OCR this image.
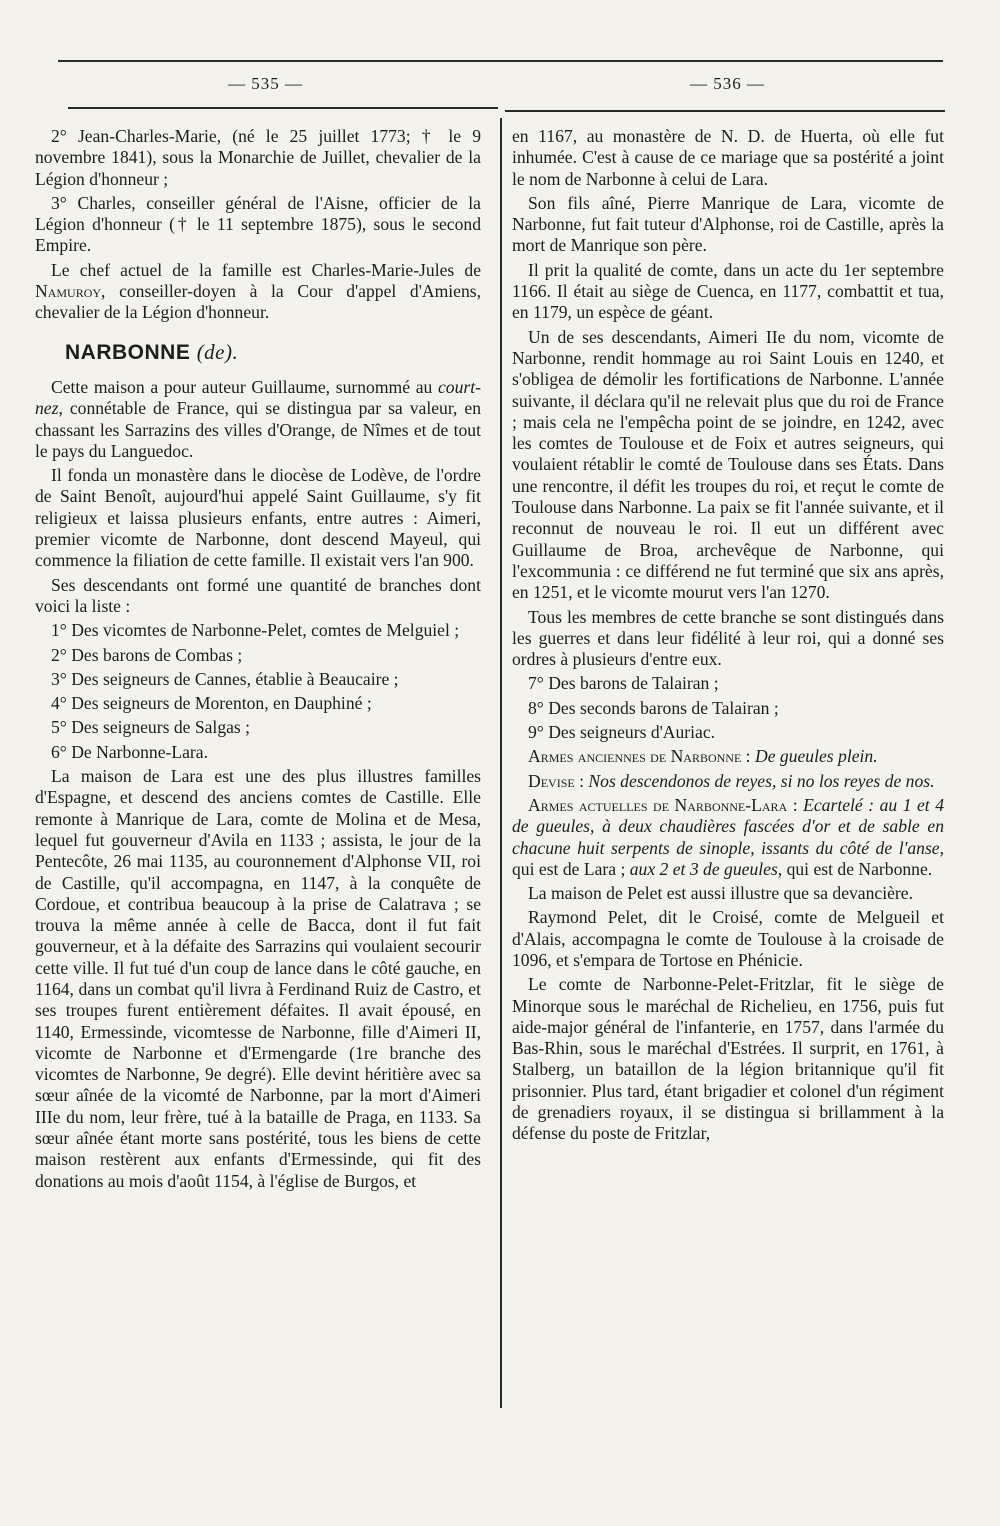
— 535 —	— 536 —

2° Jean-Charles-Marie, (né le 25 juillet 1773; † le 9 novembre 1841), sous la Monarchie de Juillet, chevalier de la Légion d'honneur ;

3° Charles, conseiller général de l'Aisne, officier de la Légion d'honneur († le 11 septembre 1875), sous le second Empire.

Le chef actuel de la famille est Charles-Marie-Jules de Namuroy, conseiller-doyen à la Cour d'appel d'Amiens, chevalier de la Légion d'honneur.

NARBONNE (de).

Cette maison a pour auteur Guillaume, surnommé au court-nez, connétable de France, qui se distingua par sa valeur, en chassant les Sarrazins des villes d'Orange, de Nîmes et de tout le pays du Languedoc.

Il fonda un monastère dans le diocèse de Lodève, de l'ordre de Saint Benoît, aujourd'hui appelé Saint Guillaume, s'y fit religieux et laissa plusieurs enfants, entre autres : Aimeri, premier vicomte de Narbonne, dont descend Mayeul, qui commence la filiation de cette famille. Il existait vers l'an 900.

Ses descendants ont formé une quantité de branches dont voici la liste :

1° Des vicomtes de Narbonne-Pelet, comtes de Melguiel ;

2° Des barons de Combas ;

3° Des seigneurs de Cannes, établie à Beaucaire ;

4° Des seigneurs de Morenton, en Dauphiné ;

5° Des seigneurs de Salgas ;

6° De Narbonne-Lara.

La maison de Lara est une des plus illustres familles d'Espagne, et descend des anciens comtes de Castille. Elle remonte à Manrique de Lara, comte de Molina et de Mesa, lequel fut gouverneur d'Avila en 1133 ; assista, le jour de la Pentecôte, 26 mai 1135, au couronnement d'Alphonse VII, roi de Castille, qu'il accompagna, en 1147, à la conquête de Cordoue, et contribua beaucoup à la prise de Calatrava ; se trouva la même année à celle de Bacca, dont il fut fait gouverneur, et à la défaite des Sarrazins qui voulaient secourir cette ville. Il fut tué d'un coup de lance dans le côté gauche, en 1164, dans un combat qu'il livra à Ferdinand Ruiz de Castro, et ses troupes furent entièrement défaites. Il avait épousé, en 1140, Ermessinde, vicomtesse de Narbonne, fille d'Aimeri II, vicomte de Narbonne et d'Ermengarde (1re branche des vicomtes de Narbonne, 9e degré). Elle devint héritière avec sa sœur aînée de la vicomté de Narbonne, par la mort d'Aimeri IIIe du nom, leur frère, tué à la bataille de Praga, en 1133. Sa sœur aînée étant morte sans postérité, tous les biens de cette maison restèrent aux enfants d'Ermessinde, qui fit des donations au mois d'août 1154, à l'église de Burgos, et

en 1167, au monastère de N. D. de Huerta, où elle fut inhumée. C'est à cause de ce mariage que sa postérité a joint le nom de Narbonne à celui de Lara.

Son fils aîné, Pierre Manrique de Lara, vicomte de Narbonne, fut fait tuteur d'Alphonse, roi de Castille, après la mort de Manrique son père.

Il prit la qualité de comte, dans un acte du 1er septembre 1166. Il était au siège de Cuenca, en 1177, combattit et tua, en 1179, un espèce de géant.

Un de ses descendants, Aimeri IIe du nom, vicomte de Narbonne, rendit hommage au roi Saint Louis en 1240, et s'obligea de démolir les fortifications de Narbonne. L'année suivante, il déclara qu'il ne relevait plus que du roi de France ; mais cela ne l'empêcha point de se joindre, en 1242, avec les comtes de Toulouse et de Foix et autres seigneurs, qui voulaient rétablir le comté de Toulouse dans ses États. Dans une rencontre, il défit les troupes du roi, et reçut le comte de Toulouse dans Narbonne. La paix se fit l'année suivante, et il reconnut de nouveau le roi. Il eut un différent avec Guillaume de Broa, archevêque de Narbonne, qui l'excommunia : ce différend ne fut terminé que six ans après, en 1251, et le vicomte mourut vers l'an 1270.

Tous les membres de cette branche se sont distingués dans les guerres et dans leur fidélité à leur roi, qui a donné ses ordres à plusieurs d'entre eux.

7° Des barons de Talairan ;

8° Des seconds barons de Talairan ;

9° Des seigneurs d'Auriac.

Armes anciennes de Narbonne : De gueules plein.

Devise : Nos descendonos de reyes, si no los reyes de nos.

Armes actuelles de Narbonne-Lara : Ecartelé : au 1 et 4 de gueules, à deux chaudières fascées d'or et de sable en chacune huit serpents de sinople, issants du côté de l'anse, qui est de Lara ; aux 2 et 3 de gueules, qui est de Narbonne.

La maison de Pelet est aussi illustre que sa devancière.

Raymond Pelet, dit le Croisé, comte de Melgueil et d'Alais, accompagna le comte de Toulouse à la croisade de 1096, et s'empara de Tortose en Phénicie.

Le comte de Narbonne-Pelet-Fritzlar, fit le siège de Minorque sous le maréchal de Richelieu, en 1756, puis fut aide-major général de l'infanterie, en 1757, dans l'armée du Bas-Rhin, sous le maréchal d'Estrées. Il surprit, en 1761, à Stalberg, un bataillon de la légion britannique qu'il fit prisonnier. Plus tard, étant brigadier et colonel d'un régiment de grenadiers royaux, il se distingua si brillamment à la défense du poste de Fritzlar,
